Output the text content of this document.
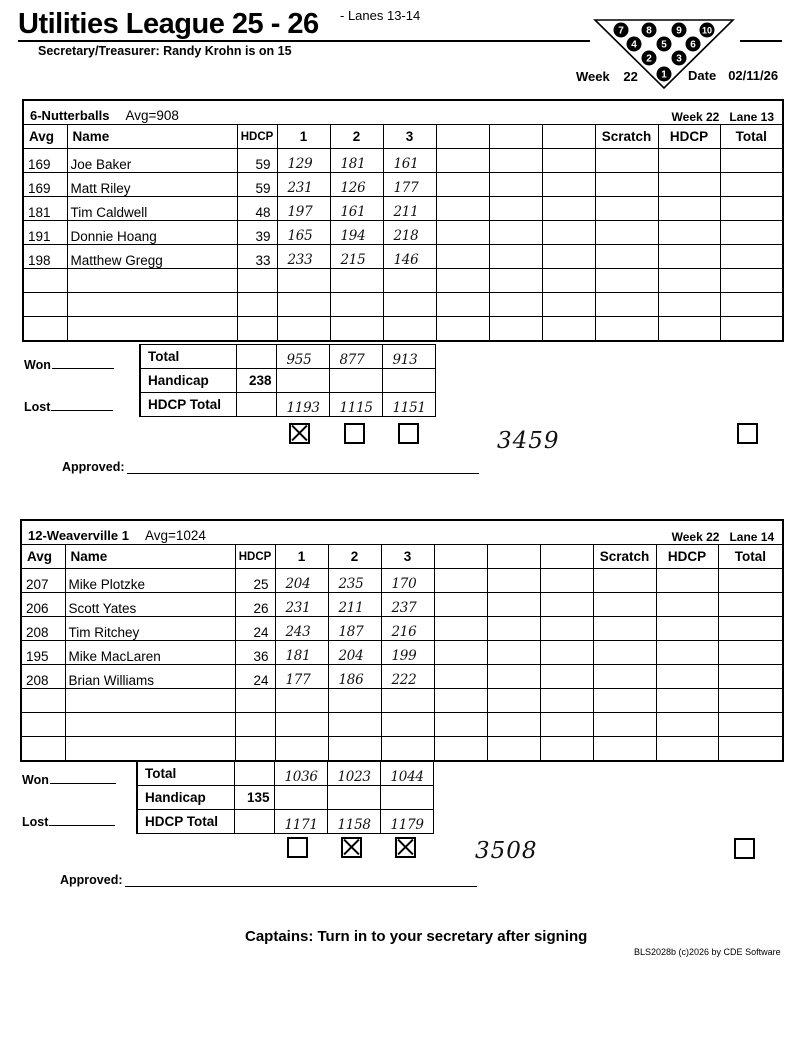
Utilities League 25 - 26 - Lanes 13-14
Secretary/Treasurer: Randy Krohn is on 15
Week 22	Date 02/11/26
7 8 9 10
4 5 6
2 3
1
6-Nutterballs Avg=908 Week 22 Lane 13											

Avg	Name	HDCP	1	2	3				Scratch	HDCP	Total
169	Joe Baker	59	129	181	161						
169	Matt Riley	59	231	126	177						
181	Tim Caldwell	48	197	161	211						
191	Donnie Hoang	39	165	194	218						
198	Matthew Gregg	33	233	215	146						

Total		955	877	913			
Handicap	238						
HDCP Total		1193	1115	1151			
Won
Lost
3459
Approved:
12-Weaverville 1 Avg=1024 Week 22 Lane 14											

Avg	Name	HDCP	1	2	3				Scratch	HDCP	Total
207	Mike Plotzke	25	204	235	170						
206	Scott Yates	26	231	211	237						
208	Tim Ritchey	24	243	187	216						
195	Mike MacLaren	36	181	204	199						
208	Brian Williams	24	177	186	222						

Total		1036	1023	1044			
Handicap	135						
HDCP Total		1171	1158	1179			
Won
Lost
3508
Approved:
Captains: Turn in to your secretary after signing
BLS2028b (c)2026 by CDE Software
